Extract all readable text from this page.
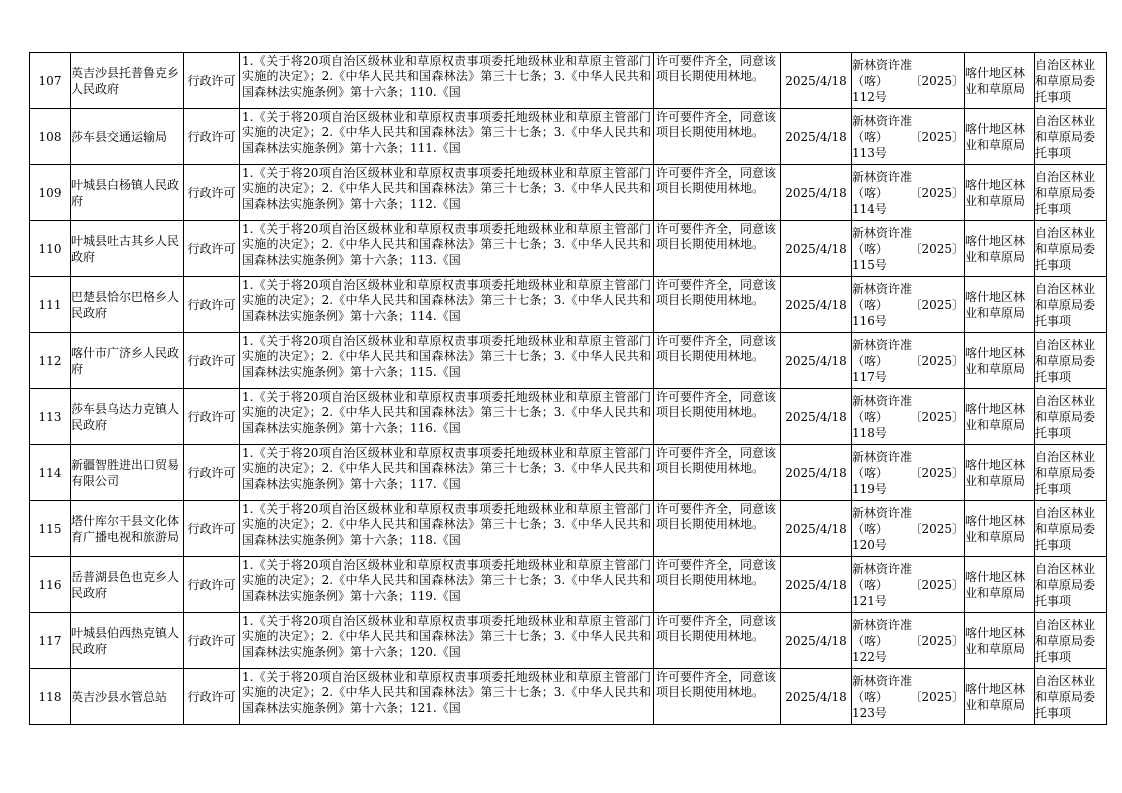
107	英吉沙县托普鲁克乡人民政府	行政许可	1.《关于将20项自治区级林业和草原权责事项委托地级林业和草原主管部门实施的决定》；2.《中华人民共和国森林法》第三十七条；3.《中华人民共和国森林法实施条例》第十六条；110.《国	许可要件齐全，同意该项目长期使用林地。	2025/4/18	新林资许准
（喀） 〔2025〕
112号	喀什地区林业和草原局	自治区林业和草原局委托事项
108	莎车县交通运输局	行政许可	1.《关于将20项自治区级林业和草原权责事项委托地级林业和草原主管部门实施的决定》；2.《中华人民共和国森林法》第三十七条；3.《中华人民共和国森林法实施条例》第十六条；111.《国	许可要件齐全，同意该项目长期使用林地。	2025/4/18	新林资许准
（喀） 〔2025〕
113号	喀什地区林业和草原局	自治区林业和草原局委托事项
109	叶城县白杨镇人民政府	行政许可	1.《关于将20项自治区级林业和草原权责事项委托地级林业和草原主管部门实施的决定》；2.《中华人民共和国森林法》第三十七条；3.《中华人民共和国森林法实施条例》第十六条；112.《国	许可要件齐全，同意该项目长期使用林地。	2025/4/18	新林资许准
（喀） 〔2025〕
114号	喀什地区林业和草原局	自治区林业和草原局委托事项
110	叶城县吐古其乡人民政府	行政许可	1.《关于将20项自治区级林业和草原权责事项委托地级林业和草原主管部门实施的决定》；2.《中华人民共和国森林法》第三十七条；3.《中华人民共和国森林法实施条例》第十六条；113.《国	许可要件齐全，同意该项目长期使用林地。	2025/4/18	新林资许准
（喀） 〔2025〕
115号	喀什地区林业和草原局	自治区林业和草原局委托事项
111	巴楚县恰尔巴格乡人民政府	行政许可	1.《关于将20项自治区级林业和草原权责事项委托地级林业和草原主管部门实施的决定》；2.《中华人民共和国森林法》第三十七条；3.《中华人民共和国森林法实施条例》第十六条；114.《国	许可要件齐全，同意该项目长期使用林地。	2025/4/18	新林资许准
（喀） 〔2025〕
116号	喀什地区林业和草原局	自治区林业和草原局委托事项
112	喀什市广济乡人民政府	行政许可	1.《关于将20项自治区级林业和草原权责事项委托地级林业和草原主管部门实施的决定》；2.《中华人民共和国森林法》第三十七条；3.《中华人民共和国森林法实施条例》第十六条；115.《国	许可要件齐全，同意该项目长期使用林地。	2025/4/18	新林资许准
（喀） 〔2025〕
117号	喀什地区林业和草原局	自治区林业和草原局委托事项
113	莎车县乌达力克镇人民政府	行政许可	1.《关于将20项自治区级林业和草原权责事项委托地级林业和草原主管部门实施的决定》；2.《中华人民共和国森林法》第三十七条；3.《中华人民共和国森林法实施条例》第十六条；116.《国	许可要件齐全，同意该项目长期使用林地。	2025/4/18	新林资许准
（喀） 〔2025〕
118号	喀什地区林业和草原局	自治区林业和草原局委托事项
114	新疆智胜进出口贸易有限公司	行政许可	1.《关于将20项自治区级林业和草原权责事项委托地级林业和草原主管部门实施的决定》；2.《中华人民共和国森林法》第三十七条；3.《中华人民共和国森林法实施条例》第十六条；117.《国	许可要件齐全，同意该项目长期使用林地。	2025/4/18	新林资许准
（喀） 〔2025〕
119号	喀什地区林业和草原局	自治区林业和草原局委托事项
115	塔什库尔干县文化体育广播电视和旅游局	行政许可	1.《关于将20项自治区级林业和草原权责事项委托地级林业和草原主管部门实施的决定》；2.《中华人民共和国森林法》第三十七条；3.《中华人民共和国森林法实施条例》第十六条；118.《国	许可要件齐全，同意该项目长期使用林地。	2025/4/18	新林资许准
（喀） 〔2025〕
120号	喀什地区林业和草原局	自治区林业和草原局委托事项
116	岳普湖县色也克乡人民政府	行政许可	1.《关于将20项自治区级林业和草原权责事项委托地级林业和草原主管部门实施的决定》；2.《中华人民共和国森林法》第三十七条；3.《中华人民共和国森林法实施条例》第十六条；119.《国	许可要件齐全，同意该项目长期使用林地。	2025/4/18	新林资许准
（喀） 〔2025〕
121号	喀什地区林业和草原局	自治区林业和草原局委托事项
117	叶城县伯西热克镇人民政府	行政许可	1.《关于将20项自治区级林业和草原权责事项委托地级林业和草原主管部门实施的决定》；2.《中华人民共和国森林法》第三十七条；3.《中华人民共和国森林法实施条例》第十六条；120.《国	许可要件齐全，同意该项目长期使用林地。	2025/4/18	新林资许准
（喀） 〔2025〕
122号	喀什地区林业和草原局	自治区林业和草原局委托事项
118	英吉沙县水管总站	行政许可	1.《关于将20项自治区级林业和草原权责事项委托地级林业和草原主管部门实施的决定》；2.《中华人民共和国森林法》第三十七条；3.《中华人民共和国森林法实施条例》第十六条；121.《国	许可要件齐全，同意该项目长期使用林地。	2025/4/18	新林资许准
（喀） 〔2025〕
123号	喀什地区林业和草原局	自治区林业和草原局委托事项
